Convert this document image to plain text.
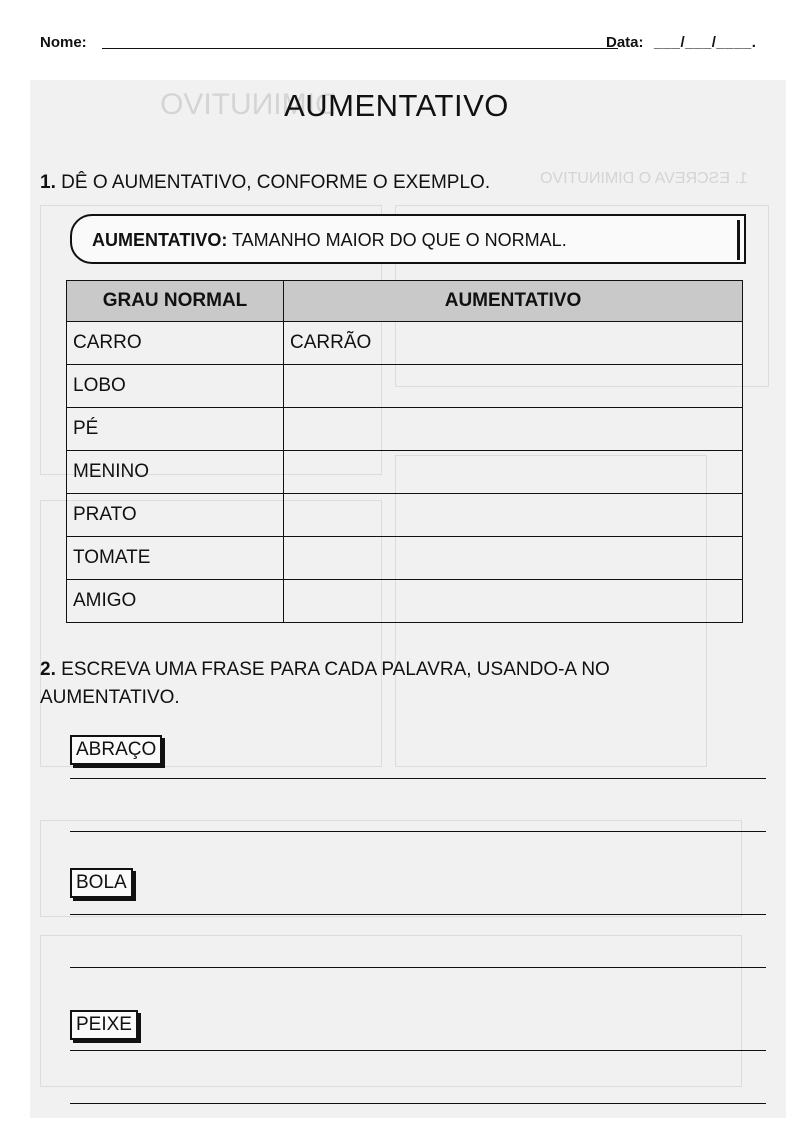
Nome:	Data: ___/___/____.
DIMINUTIVO
1. ESCREVA O DIMINUTIVO
AUMENTATIVO
1. DÊ O AUMENTATIVO, CONFORME O EXEMPLO.
AUMENTATIVO: TAMANHO MAIOR DO QUE O NORMAL.
GRAU NORMAL	AUMENTATIVO
CARRO	CARRÃO
LOBO	
PÉ	
MENINO	
PRATO	
TOMATE	
AMIGO	
2. ESCREVA UMA FRASE PARA CADA PALAVRA, USANDO-A NO AUMENTATIVO.
ABRAÇO
BOLA
PEIXE
